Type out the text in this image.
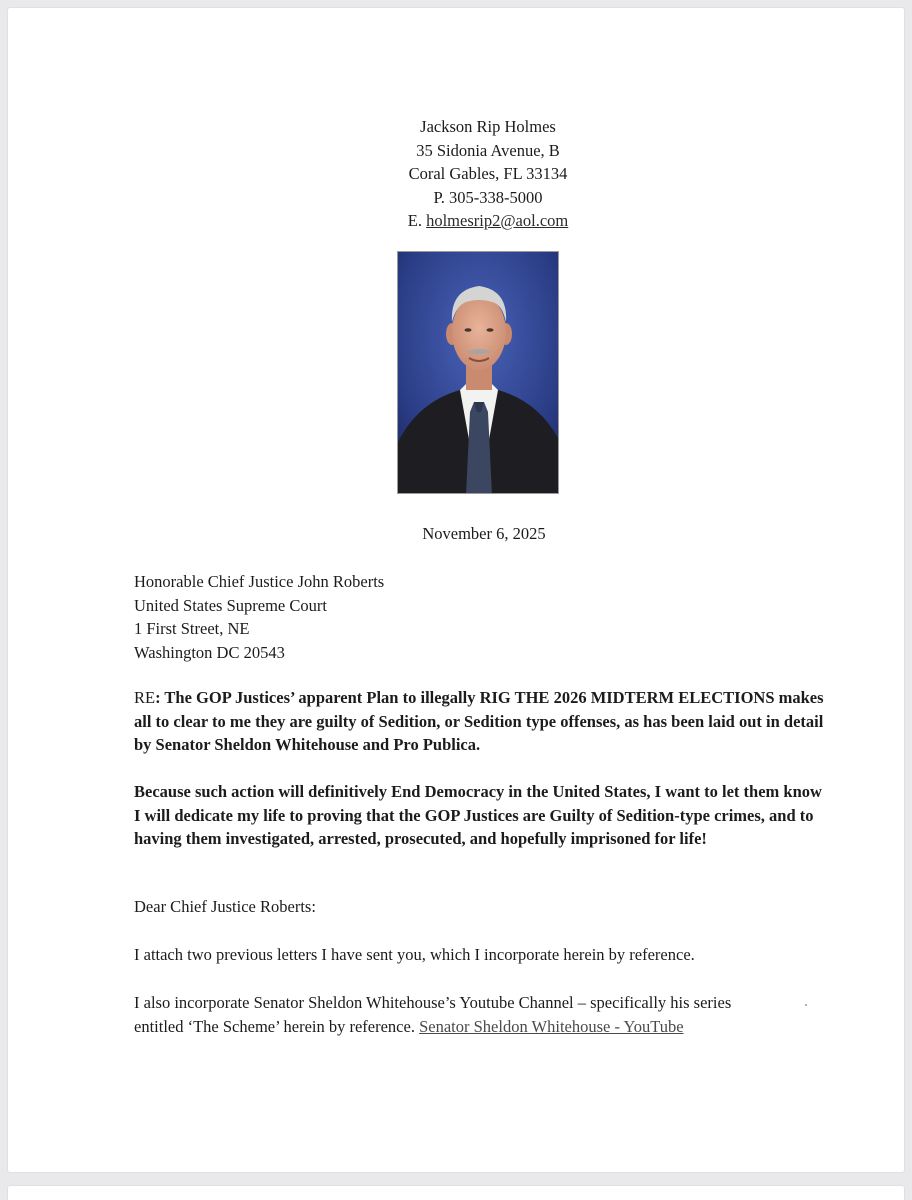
Jackson Rip Holmes
35 Sidonia Avenue, B
Coral Gables, FL 33134
P. 305-338-5000
E. holmesrip2@aol.com
November 6, 2025
Honorable Chief Justice John Roberts
United States Supreme Court
1 First Street, NE
Washington DC 20543
RE: The GOP Justices’ apparent Plan to illegally RIG THE 2026 MIDTERM ELECTIONS makes all to clear to me they are guilty of Sedition, or Sedition type offenses, as has been laid out in detail by Senator Sheldon Whitehouse and Pro Publica.
Because such action will definitively End Democracy in the United States, I want to let them know I will dedicate my life to proving that the GOP Justices are Guilty of Sedition-type crimes, and to having them investigated, arrested, prosecuted, and hopefully imprisoned for life!
Dear Chief Justice Roberts:
I attach two previous letters I have sent you, which I incorporate herein by reference.
I also incorporate Senator Sheldon Whitehouse’s Youtube Channel – specifically his series
entitled ‘The Scheme’ herein by reference. Senator Sheldon Whitehouse - YouTube
